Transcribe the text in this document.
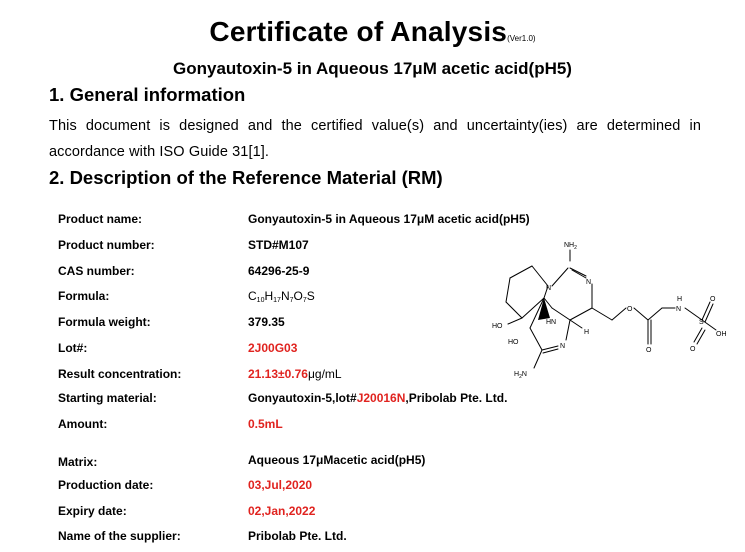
Certificate of Analysis(Ver1.0)
Gonyautoxin-5 in Aqueous 17μM acetic acid(pH5)
1. General information
This document is designed and the certified value(s) and uncertainty(ies) are determined in accordance with ISO Guide 31[1].
2. Description of the Reference Material (RM)
Product name:	Gonyautoxin-5 in Aqueous 17μM acetic acid(pH5)
Product number:	STD#M107
CAS number:	64296-25-9
Formula:	$C_{10}H_{17}N_7O_7S$
Formula weight:	379.35
Lot#:	2J00G03
Result concentration:	21.13±0.76μg/mL
Starting material:	Gonyautoxin-5,lot#J20016N,Pribolab Pte. Ltd.
Amount:	0.5mL
Matrix:	Aqueous 17μMacetic acid(pH5)
Production date:	03,Jul,2020
Expiry date:	02,Jan,2022
Name of the supplier:	Pribolab Pte. Ltd.
$NH_2$
N
N
HN
HO
HO
N
H
$H_2N$
O
O
N
H
S
O
O
OH
